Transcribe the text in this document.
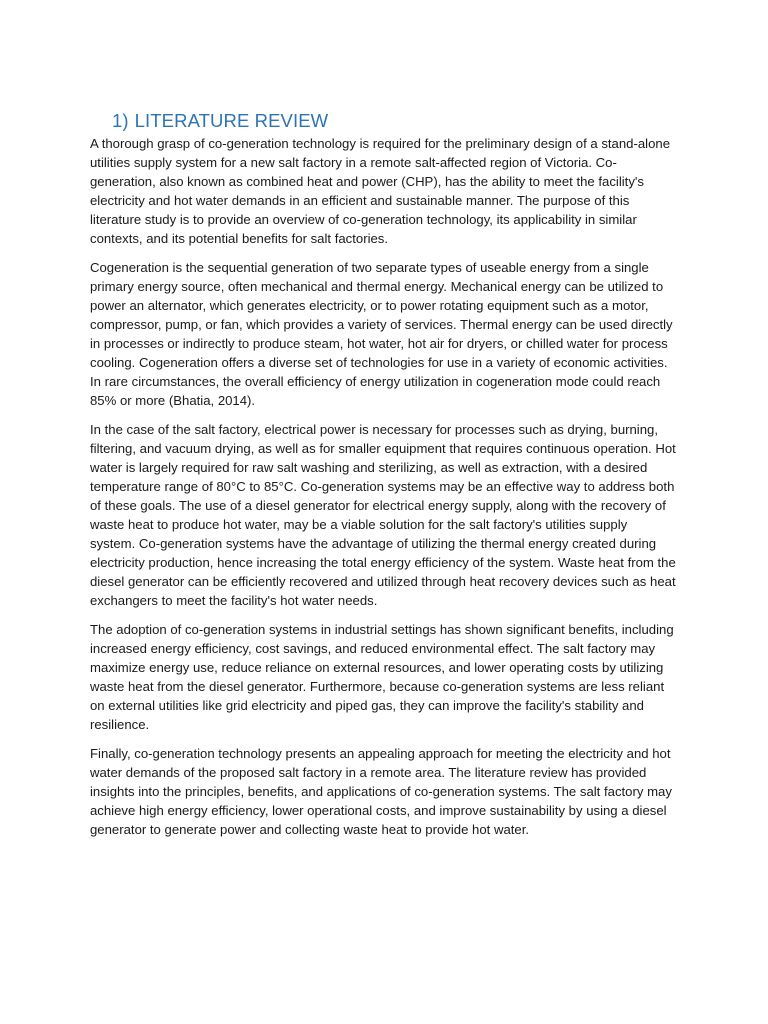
1) LITERATURE REVIEW

A thorough grasp of co-generation technology is required for the preliminary design of a stand-alone utilities supply system for a new salt factory in a remote salt-affected region of Victoria. Co-generation, also known as combined heat and power (CHP), has the ability to meet the facility's electricity and hot water demands in an efficient and sustainable manner. The purpose of this literature study is to provide an overview of co-generation technology, its applicability in similar contexts, and its potential benefits for salt factories.

Cogeneration is the sequential generation of two separate types of useable energy from a single primary energy source, often mechanical and thermal energy. Mechanical energy can be utilized to power an alternator, which generates electricity, or to power rotating equipment such as a motor, compressor, pump, or fan, which provides a variety of services. Thermal energy can be used directly in processes or indirectly to produce steam, hot water, hot air for dryers, or chilled water for process cooling. Cogeneration offers a diverse set of technologies for use in a variety of economic activities. In rare circumstances, the overall efficiency of energy utilization in cogeneration mode could reach 85% or more (Bhatia, 2014).

In the case of the salt factory, electrical power is necessary for processes such as drying, burning, filtering, and vacuum drying, as well as for smaller equipment that requires continuous operation. Hot water is largely required for raw salt washing and sterilizing, as well as extraction, with a desired temperature range of 80°C to 85°C. Co-generation systems may be an effective way to address both of these goals. The use of a diesel generator for electrical energy supply, along with the recovery of waste heat to produce hot water, may be a viable solution for the salt factory's utilities supply system. Co-generation systems have the advantage of utilizing the thermal energy created during electricity production, hence increasing the total energy efficiency of the system. Waste heat from the diesel generator can be efficiently recovered and utilized through heat recovery devices such as heat exchangers to meet the facility's hot water needs.

The adoption of co-generation systems in industrial settings has shown significant benefits, including increased energy efficiency, cost savings, and reduced environmental effect. The salt factory may maximize energy use, reduce reliance on external resources, and lower operating costs by utilizing waste heat from the diesel generator. Furthermore, because co-generation systems are less reliant on external utilities like grid electricity and piped gas, they can improve the facility's stability and resilience.

Finally, co-generation technology presents an appealing approach for meeting the electricity and hot water demands of the proposed salt factory in a remote area. The literature review has provided insights into the principles, benefits, and applications of co-generation systems. The salt factory may achieve high energy efficiency, lower operational costs, and improve sustainability by using a diesel generator to generate power and collecting waste heat to provide hot water.
